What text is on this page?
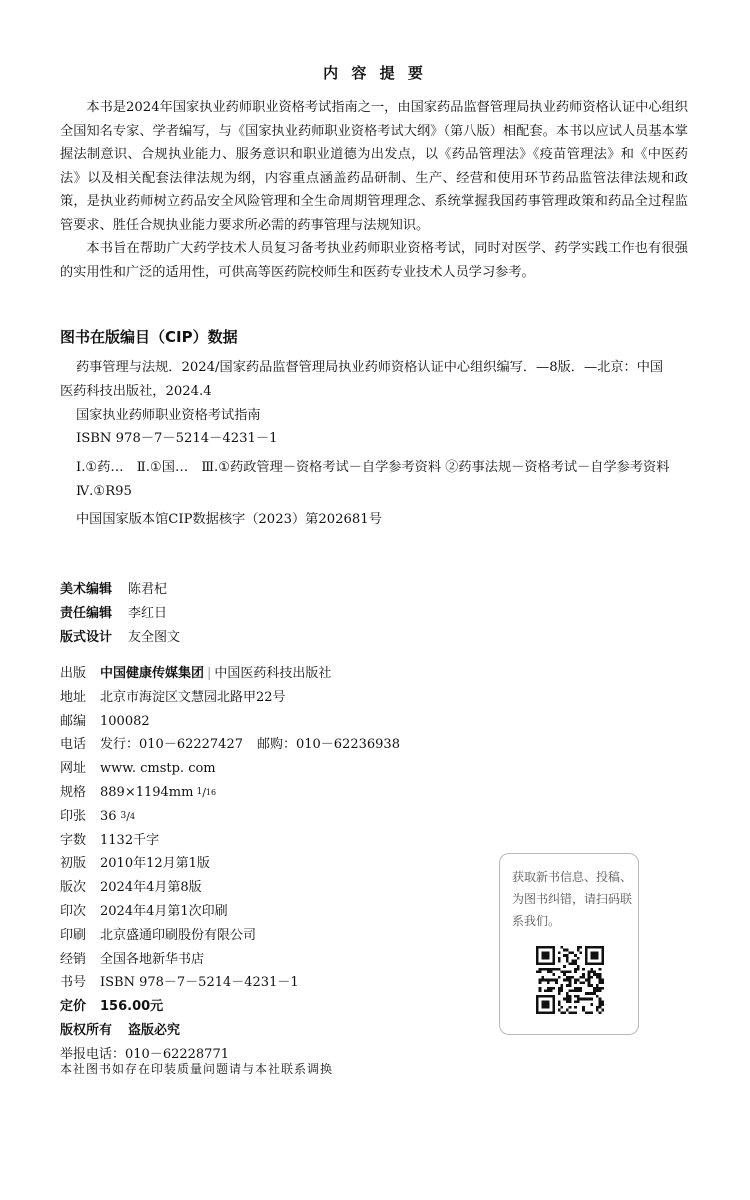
内 容 提 要

本书是2024年国家执业药师职业资格考试指南之一，由国家药品监督管理局执业药师资格认证中心组织全国知名专家、学者编写，与《国家执业药师职业资格考试大纲》（第八版）相配套。本书以应试人员基本掌握法制意识、合规执业能力、服务意识和职业道德为出发点，以《药品管理法》《疫苗管理法》和《中医药法》以及相关配套法律法规为纲，内容重点涵盖药品研制、生产、经营和使用环节药品监管法律法规和政策，是执业药师树立药品安全风险管理和全生命周期管理理念、系统掌握我国药事管理政策和药品全过程监管要求、胜任合规执业能力要求所必需的药事管理与法规知识。

本书旨在帮助广大药学技术人员复习备考执业药师职业资格考试，同时对医学、药学实践工作也有很强的实用性和广泛的适用性，可供高等医药院校师生和医药专业技术人员学习参考。

图书在版编目（CIP）数据
药事管理与法规．2024/国家药品监督管理局执业药师资格认证中心组织编写．—8版．—北京：中国医药科技出版社，2024.4
国家执业药师职业资格考试指南
ISBN 978－7－5214－4231－1
Ⅰ.①药…　Ⅱ.①国…　Ⅲ.①药政管理－资格考试－自学参考资料 ②药事法规－资格考试－自学参考资料
Ⅳ.①R95
中国国家版本馆CIP数据核字（2023）第202681号
美术编辑	陈君杞
责任编辑	李红日
版式设计	友全图文
出版	中国健康传媒集团 | 中国医药科技出版社
地址	北京市海淀区文慧园北路甲22号
邮编	100082
电话	发行：010－62227427 邮购：010－62236938
网址	www. cmstp. com
规格	889×1194mm 1 / 16
印张	36 3 / 4
字数	1132千字
初版	2010年12月第1版
版次	2024年4月第8版
印次	2024年4月第1次印刷
印刷	北京盛通印刷股份有限公司
经销	全国各地新华书店
书号	ISBN 978－7－5214－4231－1
定价	156.00元
版权所有 盗版必究
举报电话：010－62228771
获取新书信息、投稿、为图书纠错，请扫码联系我们。
本社图书如存在印装质量问题请与本社联系调换
